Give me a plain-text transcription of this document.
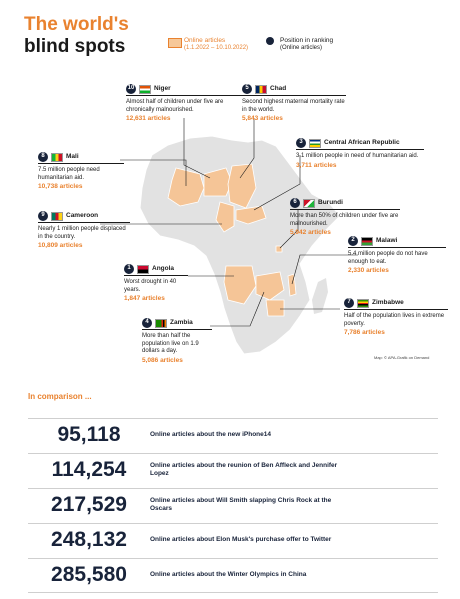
The world's
blind spots	Online articles
(1.1.2022 – 10.10.2022)
Position in ranking
(Online articles)
10	Niger
Almost half of children under five are chronically malnourished.
12,631 articles
5	Chad
Second highest maternal mortality rate in the world.
5,843 articles
3	Central African Republic
3.1 million people in need of humanitarian aid.
3,711 articles
8	Mali
7.5 million people need humanitarian aid.
10,738 articles
6	Burundi
More than 50% of children under five are malnourished.
5,942 articles
9	Cameroon
Nearly 1 million people displaced in the country.
10,809 articles
2	Malawi
5.4 million people do not have enough to eat.
2,330 articles
1	Angola
Worst drought in 40 years.
1,847 articles
7	Zimbabwe
Half of the population lives in extreme poverty.
7,786 articles
4	Zambia
More than half the population live on 1.9 dollars a day.
5,086 articles	Map: © APA-Grafik on Demand
In comparison ...
95,118	Online articles about the new iPhone14
114,254	Online articles about the reunion of Ben Affleck and Jennifer Lopez
217,529	Online articles about Will Smith slapping Chris Rock at the Oscars
248,132	Online articles about Elon Musk's purchase offer to Twitter
285,580	Online articles about the Winter Olympics in China
